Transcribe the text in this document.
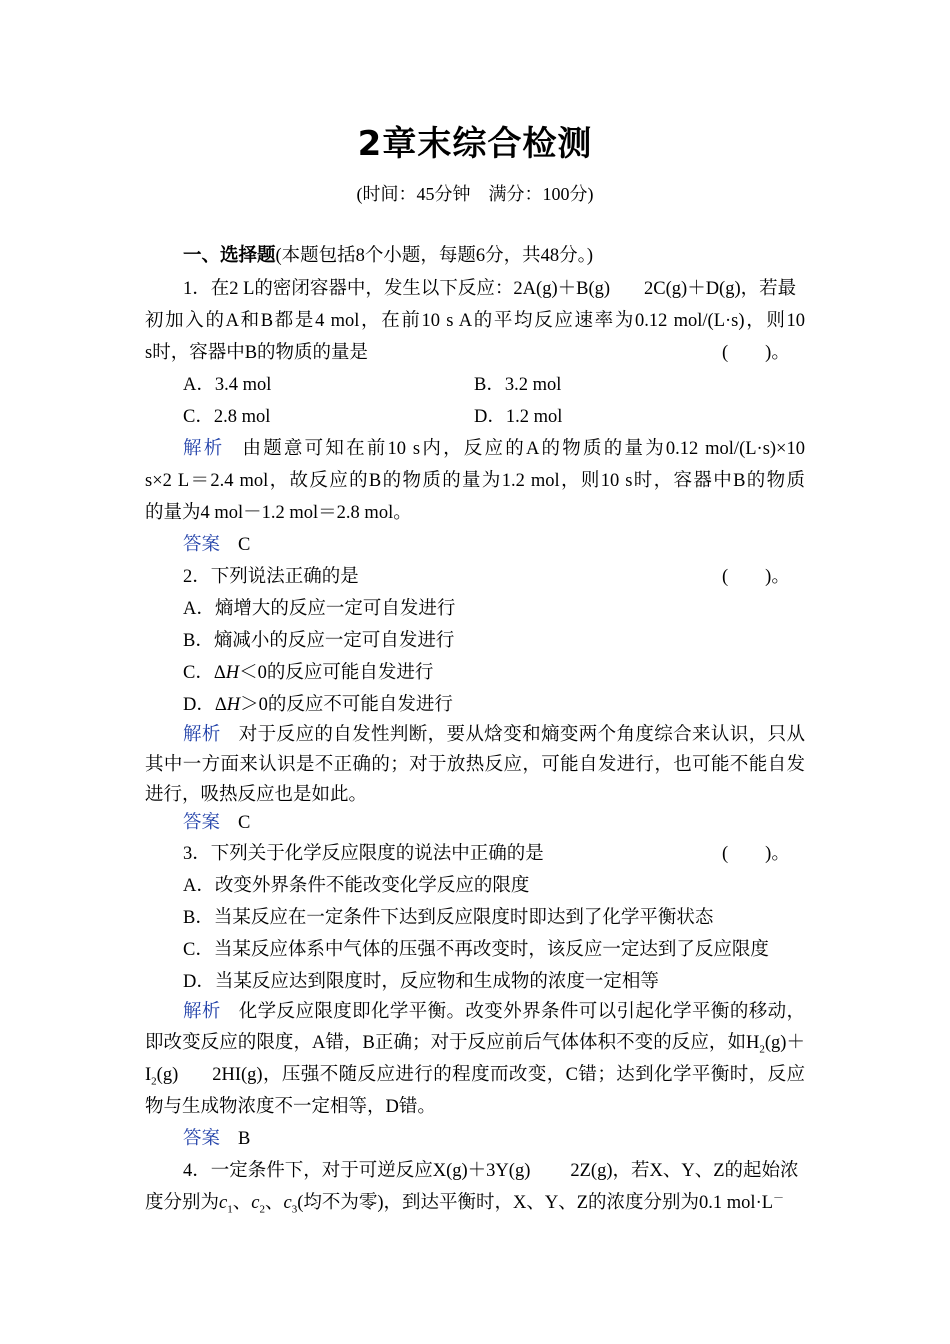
2章末综合检测
(时间：45分钟　满分：100分)
一、选择题(本题包括8个小题，每题6分，共48分。)
1．在2 L的密闭容器中，发生以下反应：2A(g)＋B(g) 2C(g)＋D(g)，若最
初加入的A和B都是4 mol，在前10 s A的平均反应速率为0.12 mol/(L·s)，则10
s时，容器中B的物质的量是	(　　)。
A．3.4 mol	B．3.2 mol
C．2.8 mol	D．1.2 mol
解析 由题意可知在前10 s内，反应的A的物质的量为0.12 mol/(L·s)×10
s×2 L＝2.4 mol，故反应的B的物质的量为1.2 mol，则10 s时，容器中B的物质
的量为4 mol－1.2 mol＝2.8 mol。
答案 C
2．下列说法正确的是	(　　)。
A．熵增大的反应一定可自发进行
B．熵减小的反应一定可自发进行
C．ΔH＜0的反应可能自发进行
D．ΔH＞0的反应不可能自发进行
解析 对于反应的自发性判断，要从焓变和熵变两个角度综合来认识，只从
其中一方面来认识是不正确的；对于放热反应，可能自发进行，也可能不能自发
进行，吸热反应也是如此。
答案 C
3．下列关于化学反应限度的说法中正确的是	(　　)。
A．改变外界条件不能改变化学反应的限度
B．当某反应在一定条件下达到反应限度时即达到了化学平衡状态
C．当某反应体系中气体的压强不再改变时，该反应一定达到了反应限度
D．当某反应达到限度时，反应物和生成物的浓度一定相等
解析 化学反应限度即化学平衡。改变外界条件可以引起化学平衡的移动，
即改变反应的限度，A错，B正确；对于反应前后气体体积不变的反应，如$H_2(g)+$
$I_2(g)$ 2HI(g)，压强不随反应进行的程度而改变，C错；达到化学平衡时，反应
物与生成物浓度不一定相等，D错。
答案 B
4．一定条件下，对于可逆反应X(g)＋3Y(g) 2Z(g)，若X、Y、Z的起始浓
度分别为$c_1$、$c_2$、$c_3$(均不为零)，到达平衡时，X、Y、Z的浓度分别为0.1 mol·L－
